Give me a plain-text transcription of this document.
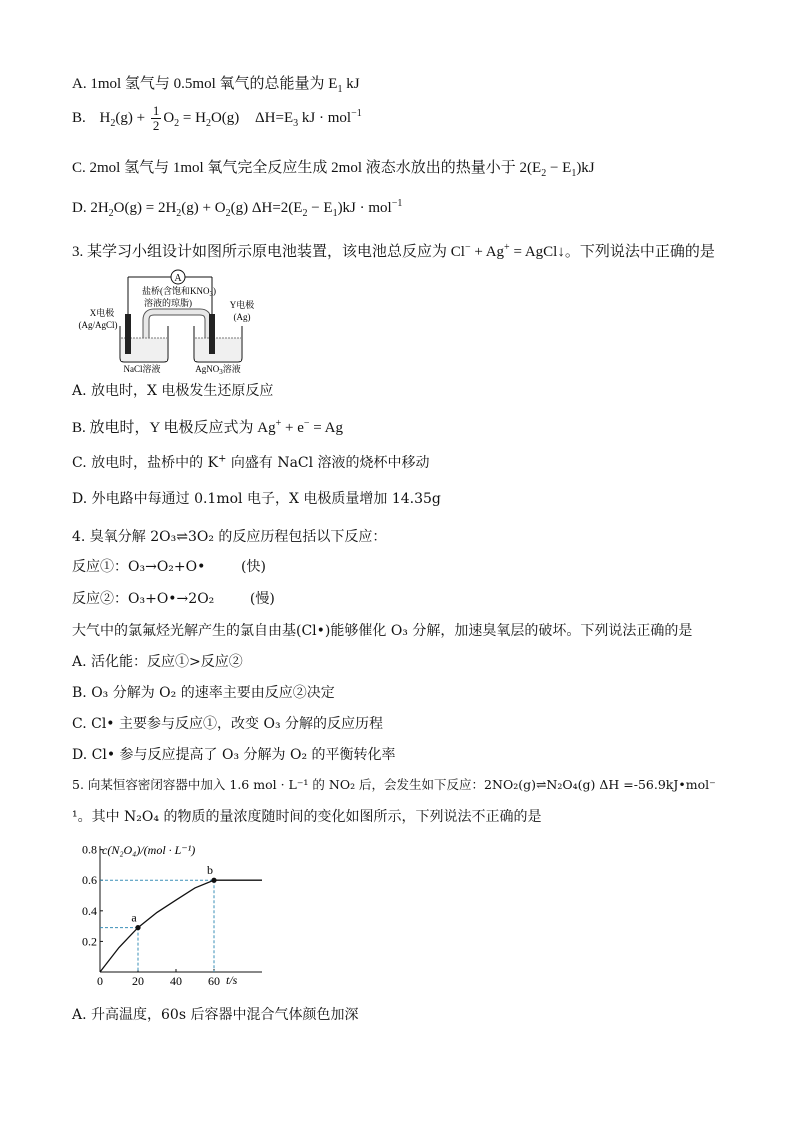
A. 1mol 氢气与 0.5mol 氧气的总能量为 $E_1$ kJ
B. $H_2(g) + \frac{1}{2} O_2 = H_2O(g)$ $\Delta H=E_3$ kJ · mol$^{-1}$
C. 2mol 氢气与 1mol 氧气完全反应生成 2mol 液态水放出的热量小于 $2(E_2 - E_1)kJ$
D. $2H_2O(g) = 2H_2(g) + O_2(g) \Delta H=2(E_2 - E_1)kJ \cdot mol^{-1}$
3. 某学习小组设计如图所示原电池装置，该电池总反应为 Cl− + Ag+ = AgCl↓。下列说法中正确的是
A
盐桥(含饱和$KNO_3$)
溶液的琼脂)
X电极
(Ag/AgCl)
Y电极
(Ag)
NaCl溶液	AgNO$_3$溶液
A. 放电时，X 电极发生还原反应
B. 放电时，Y 电极反应式为 Ag+ + e− = Ag
C. 放电时，盐桥中的 K+ 向盛有 NaCl 溶液的烧杯中移动
D. 外电路中每通过 0.1mol 电子，X 电极质量增加 14.35g
4. 臭氧分解 2O₃⇌3O₂ 的反应历程包括以下反应：
反应①：O₃→O₂+O•        (快)
反应②：O₃+O•→2O₂        (慢)
大气中的氯氟烃光解产生的氯自由基(Cl•)能够催化 O₃ 分解，加速臭氧层的破坏。下列说法正确的是
A. 活化能：反应①>反应②
B. O₃ 分解为 O₂ 的速率主要由反应②决定
C. Cl• 主要参与反应①，改变 O₃ 分解的反应历程
D. Cl• 参与反应提高了 O₃ 分解为 O₂ 的平衡转化率
5. 向某恒容密闭容器中加入 1.6 mol · L⁻¹ 的 NO₂ 后，会发生如下反应：2NO₂(g)⇌N₂O₄(g) ΔH =-56.9kJ•mol⁻
¹。其中 N₂O₄ 的物质的量浓度随时间的变化如图所示，下列说法不正确的是
0 20 40 60
0.2
0.4
0.6
0.8
a
b
c(N₂O₄)/(mol · L⁻¹)
t/s
A. 升高温度，60s 后容器中混合气体颜色加深
